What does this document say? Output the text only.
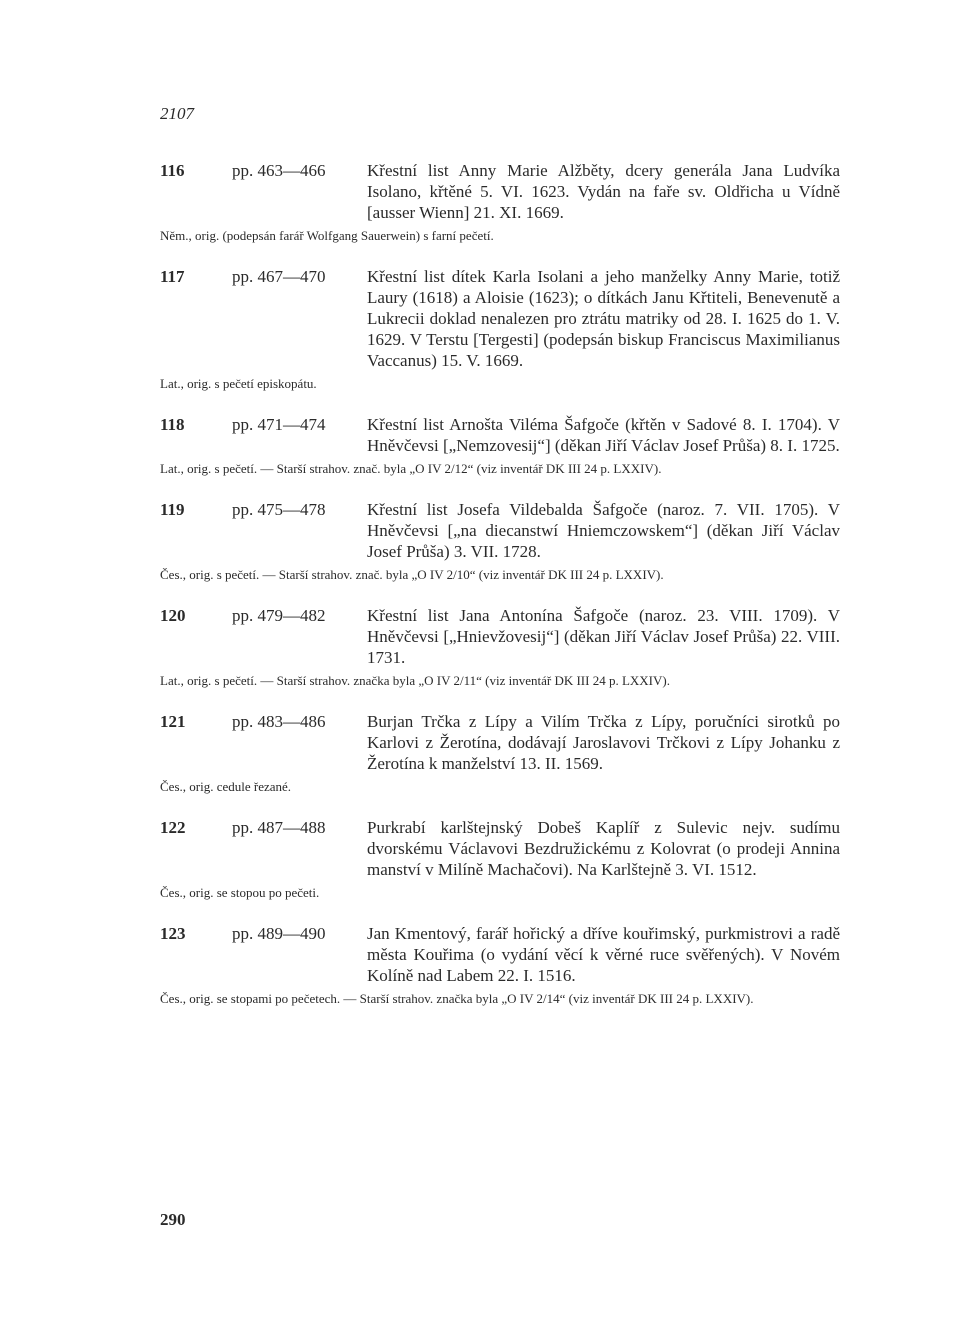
2107
116	pp. 463—466	Křestní list Anny Marie Alžběty, dcery generála Jana Ludvíka Isolano, křtěné 5. VI. 1623. Vydán na faře sv. Oldřicha u Vídně [ausser Wienn] 21. XI. 1669.
Něm., orig. (podepsán farář Wolfgang Sauerwein) s farní pečetí.
117	pp. 467—470	Křestní list dítek Karla Isolani a jeho manželky Anny Marie, totiž Laury (1618) a Aloisie (1623); o dítkách Janu Křtiteli, Benevenutě a Lukrecii doklad nenalezen pro ztrátu matriky od 28. I. 1625 do 1. V. 1629. V Terstu [Tergesti] (podepsán biskup Franciscus Maximilianus Vaccanus) 15. V. 1669.
Lat., orig. s pečetí episkopátu.
118	pp. 471—474	Křestní list Arnošta Viléma Šafgoče (křtěn v Sadové 8. I. 1704). V Hněvčevsi [„Nemzovesij“] (děkan Jiří Václav Josef Průša) 8. I. 1725.
Lat., orig. s pečetí. — Starší strahov. znač. byla „O IV 2/12“ (viz inventář DK III 24 p. LXXIV).
119	pp. 475—478	Křestní list Josefa Vildebalda Šafgoče (naroz. 7. VII. 1705). V Hněvčevsi [„na diecanstwí Hniemczowskem“] (děkan Jiří Václav Josef Průša) 3. VII. 1728.
Čes., orig. s pečetí. — Starší strahov. znač. byla „O IV 2/10“ (viz inventář DK III 24 p. LXXIV).
120	pp. 479—482	Křestní list Jana Antonína Šafgoče (naroz. 23. VIII. 1709). V Hněvčevsi [„Hnievžovesij“] (děkan Jiří Václav Josef Průša) 22. VIII. 1731.
Lat., orig. s pečetí. — Starší strahov. značka byla „O IV 2/11“ (viz inventář DK III 24 p. LXXIV).
121	pp. 483—486	Burjan Trčka z Lípy a Vilím Trčka z Lípy, poručníci sirotků po Karlovi z Žerotína, dodávají Jaroslavovi Trčkovi z Lípy Johanku z Žerotína k manželství 13. II. 1569.
Čes., orig. cedule řezané.
122	pp. 487—488	Purkrabí karlštejnský Dobeš Kaplíř z Sulevic nejv. sudímu dvorskému Václavovi Bezdružickému z Kolovrat (o prodeji Annina manství v Milíně Machačovi). Na Karlštejně 3. VI. 1512.
Čes., orig. se stopou po pečeti.
123	pp. 489—490	Jan Kmentový, farář hořický a dříve kouřimský, purkmistrovi a radě města Kouřima (o vydání věcí k věrné ruce svěřených). V Novém Kolíně nad Labem 22. I. 1516.
Čes., orig. se stopami po pečetech. — Starší strahov. značka byla „O IV 2/14“ (viz inventář DK III 24 p. LXXIV).
290
